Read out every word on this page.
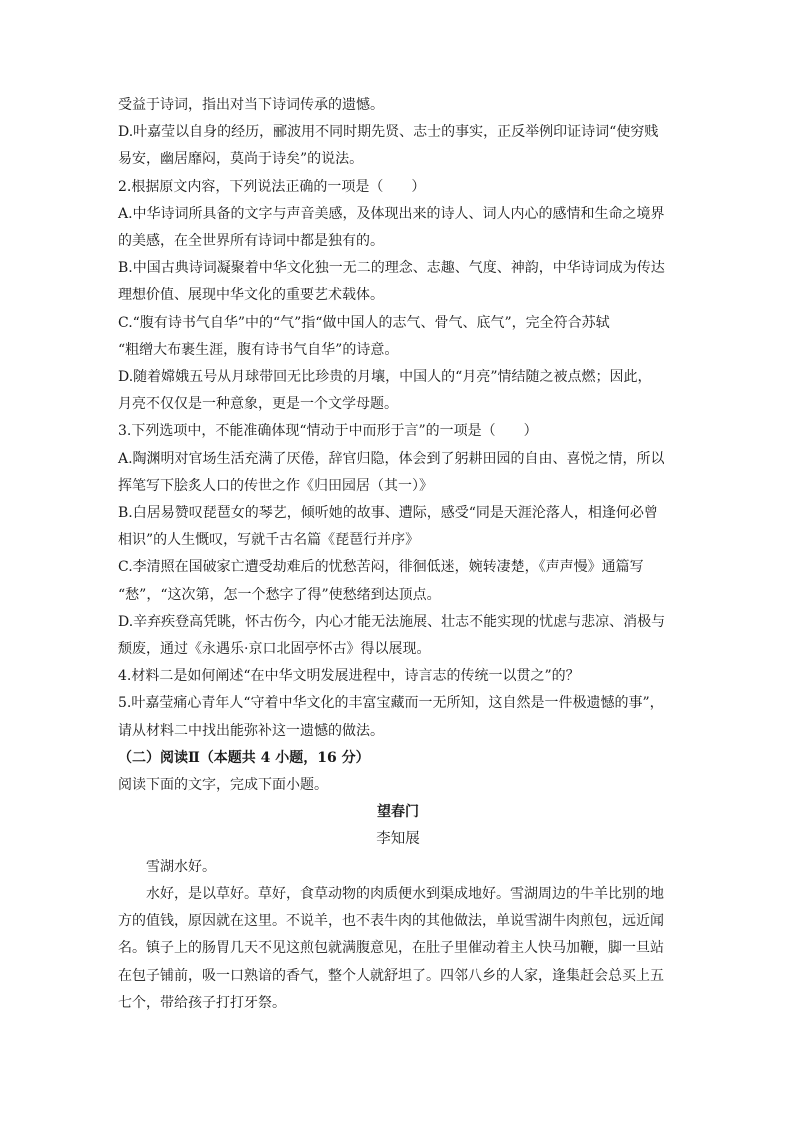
受益于诗词，指出对当下诗词传承的遗憾。

D.叶嘉莹以自身的经历，郦波用不同时期先贤、志士的事实，正反举例印证诗词“使穷贱

易安，幽居靡闷，莫尚于诗矣”的说法。

2.根据原文内容，下列说法正确的一项是（　　）

A.中华诗词所具备的文字与声音美感，及体现出来的诗人、词人内心的感情和生命之境界

的美感，在全世界所有诗词中都是独有的。

B.中国古典诗词凝聚着中华文化独一无二的理念、志趣、气度、神韵，中华诗词成为传达

理想价值、展现中华文化的重要艺术载体。

C.“腹有诗书气自华”中的“气”指“做中国人的志气、骨气、底气”，完全符合苏轼

“粗缯大布裹生涯，腹有诗书气自华”的诗意。

D.随着嫦娥五号从月球带回无比珍贵的月壤，中国人的“月亮”情结随之被点燃；因此，

月亮不仅仅是一种意象，更是一个文学母题。

3.下列选项中，不能准确体现“情动于中而形于言”的一项是（　　）

A.陶渊明对官场生活充满了厌倦，辞官归隐，体会到了躬耕田园的自由、喜悦之情，所以

挥笔写下脍炙人口的传世之作《归田园居（其一）》

B.白居易赞叹琵琶女的琴艺，倾听她的故事、遭际，感受“同是天涯沦落人，相逢何必曾

相识”的人生慨叹，写就千古名篇《琵琶行并序》

C.李清照在国破家亡遭受劫难后的忧愁苦闷，徘徊低迷，婉转凄楚，《声声慢》通篇写

“愁”，“这次第，怎一个愁字了得”使愁绪到达顶点。

D.辛弃疾登高凭眺，怀古伤今，内心才能无法施展、壮志不能实现的忧虑与悲凉、消极与

颓废，通过《永遇乐·京口北固亭怀古》得以展现。

4.材料二是如何阐述“在中华文明发展进程中，诗言志的传统一以贯之”的？

5.叶嘉莹痛心青年人“守着中华文化的丰富宝藏而一无所知，这自然是一件极遗憾的事”，

请从材料二中找出能弥补这一遗憾的做法。

（二）阅读Ⅱ（本题共 4 小题，16 分）

阅读下面的文字，完成下面小题。

望春门

李知展

雪湖水好。

水好，是以草好。草好，食草动物的肉质便水到渠成地好。雪湖周边的牛羊比别的地

方的值钱，原因就在这里。不说羊，也不表牛肉的其他做法，单说雪湖牛肉煎包，远近闻

名。镇子上的肠胃几天不见这煎包就满腹意见，在肚子里催动着主人快马加鞭，脚一旦站

在包子铺前，吸一口熟谙的香气，整个人就舒坦了。四邻八乡的人家，逢集赶会总买上五

七个，带给孩子打打牙祭。
